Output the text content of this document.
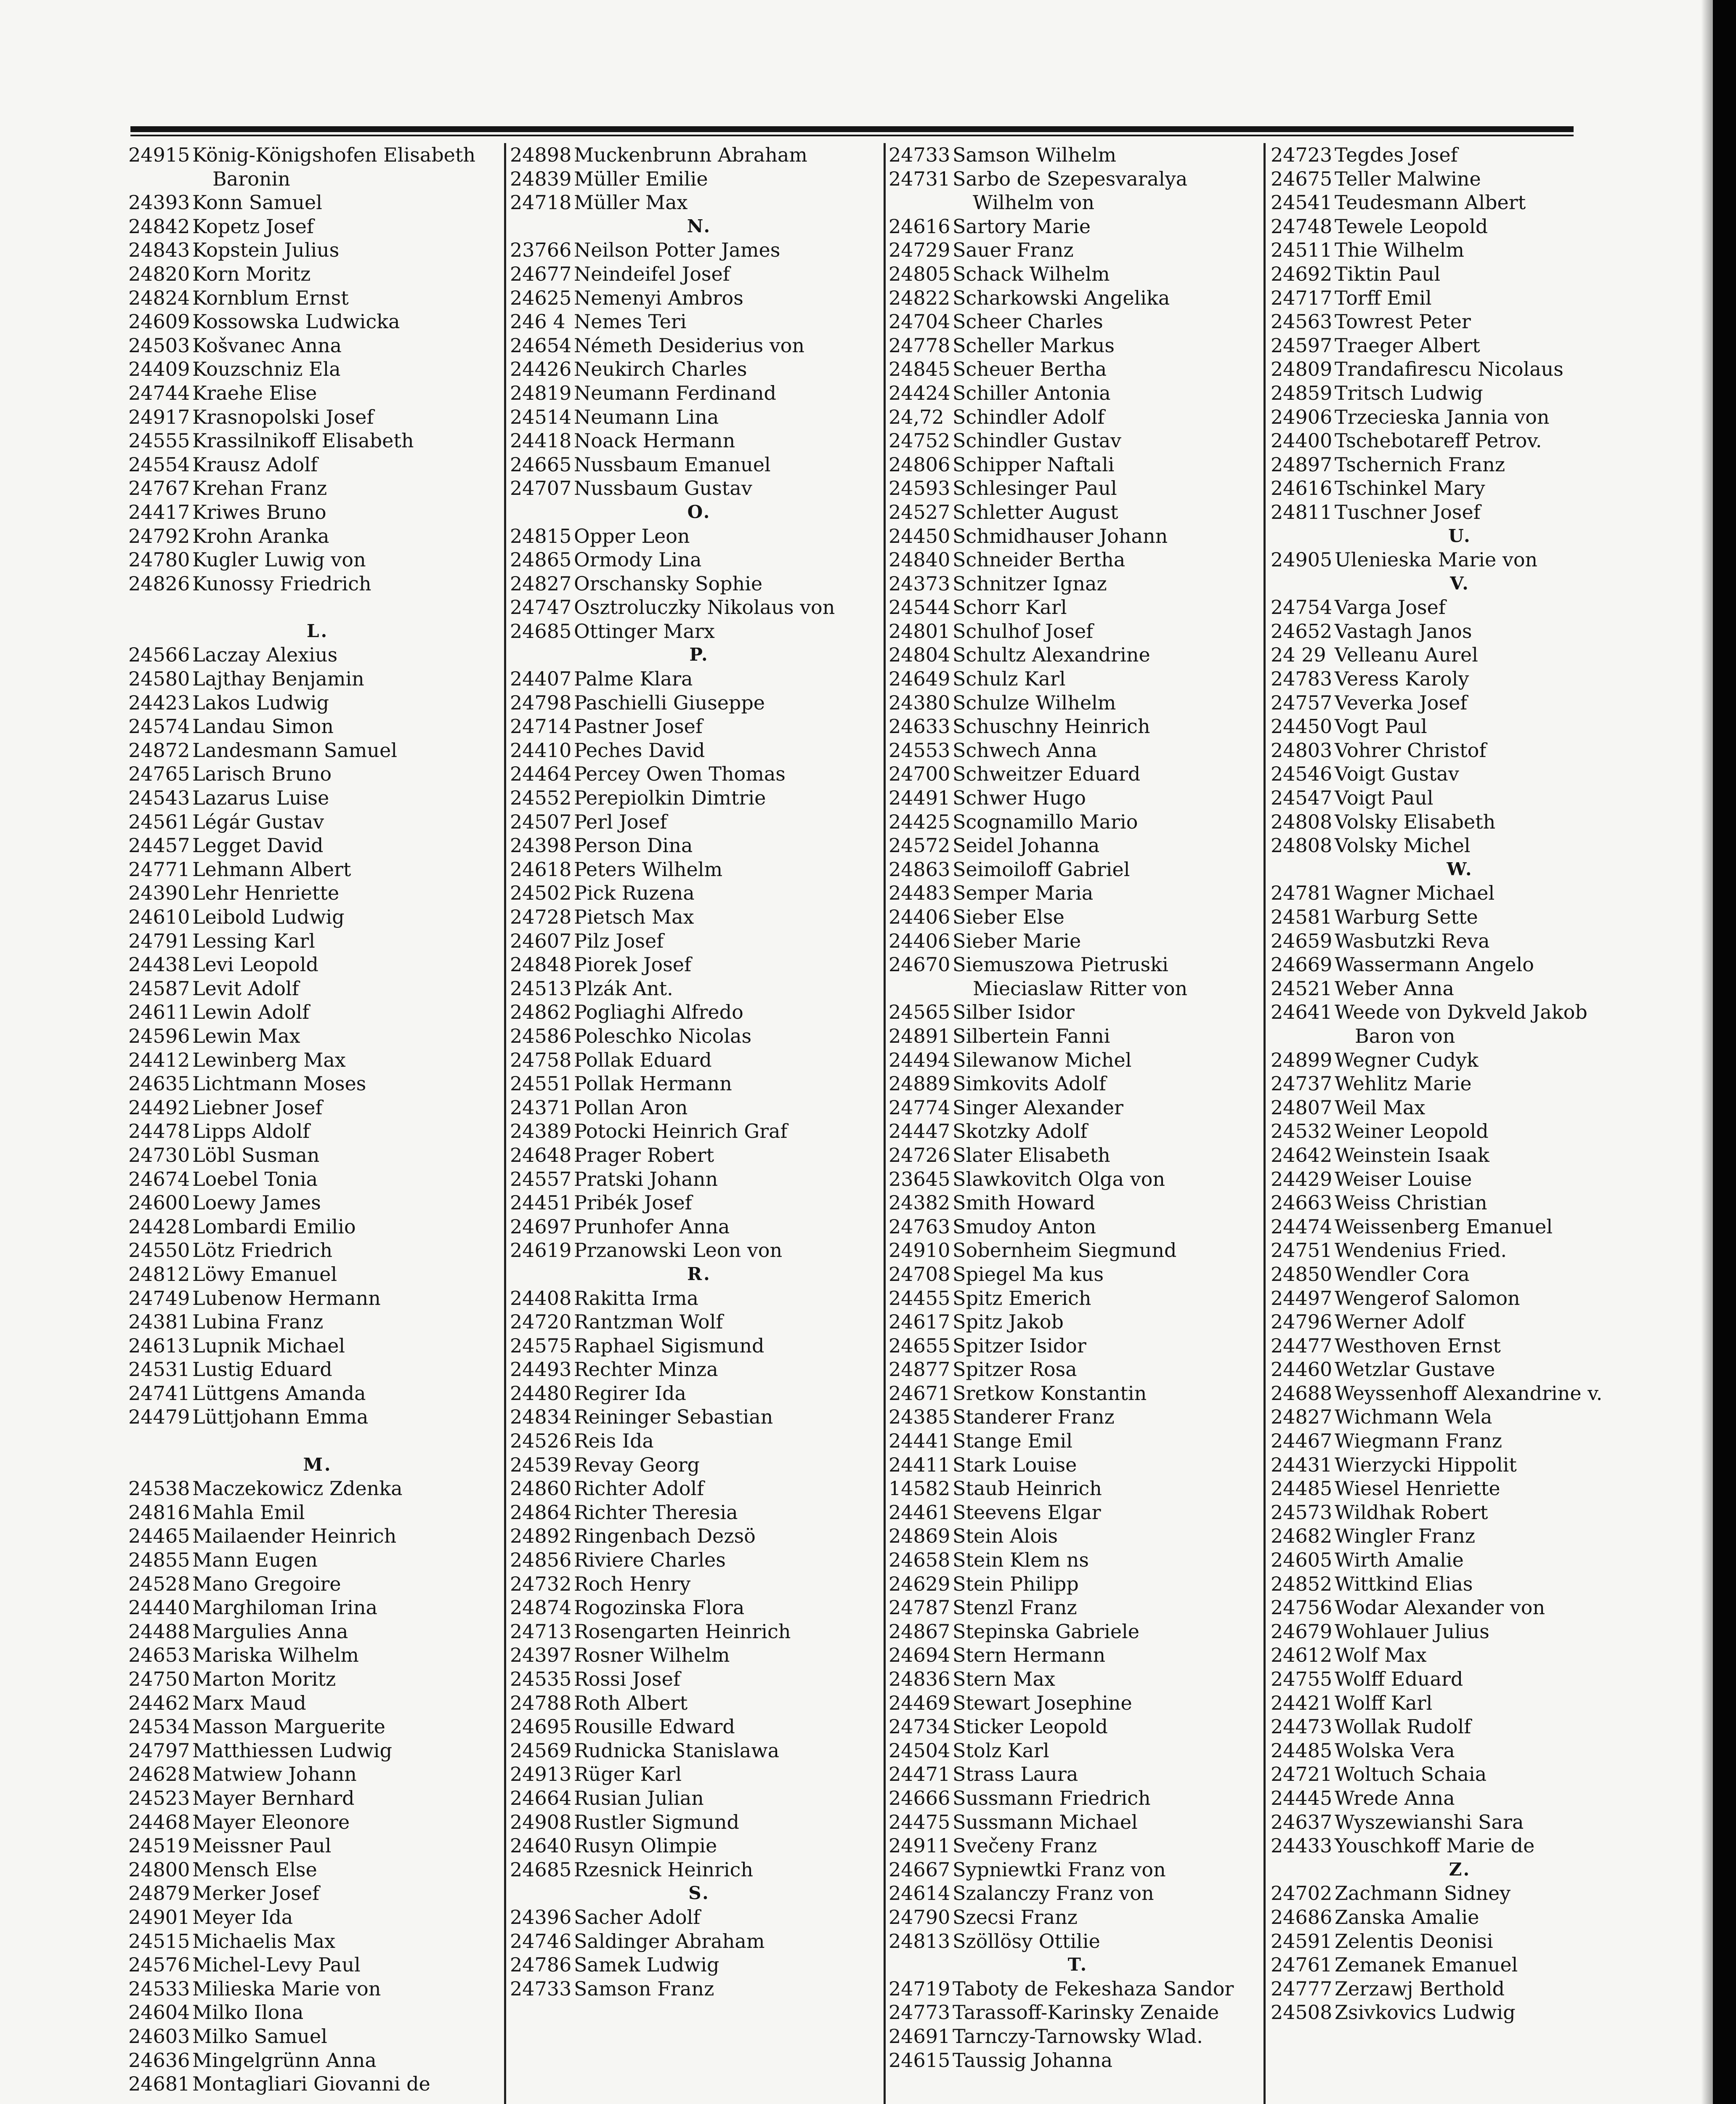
24915 König-Königshofen Elisabeth
Baronin
24393 Konn Samuel
24842 Kopetz Josef
24843 Kopstein Julius
24820 Korn Moritz
24824 Kornblum Ernst
24609 Kossowska Ludwicka
24503 Košvanec Anna
24409 Kouzschniz Ela
24744 Kraehe Elise
24917 Krasnopolski Josef
24555 Krassilnikoff Elisabeth
24554 Krausz Adolf
24767 Krehan Franz
24417 Kriwes Bruno
24792 Krohn Aranka
24780 Kugler Luwig von
24826 Kunossy Friedrich
L.
24566 Laczay Alexius
24580 Lajthay Benjamin
24423 Lakos Ludwig
24574 Landau Simon
24872 Landesmann Samuel
24765 Larisch Bruno
24543 Lazarus Luise
24561 Légár Gustav
24457 Legget David
24771 Lehmann Albert
24390 Lehr Henriette
24610 Leibold Ludwig
24791 Lessing Karl
24438 Levi Leopold
24587 Levit Adolf
24611 Lewin Adolf
24596 Lewin Max
24412 Lewinberg Max
24635 Lichtmann Moses
24492 Liebner Josef
24478 Lipps Aldolf
24730 Löbl Susman
24674 Loebel Tonia
24600 Loewy James
24428 Lombardi Emilio
24550 Lötz Friedrich
24812 Löwy Emanuel
24749 Lubenow Hermann
24381 Lubina Franz
24613 Lupnik Michael
24531 Lustig Eduard
24741 Lüttgens Amanda
24479 Lüttjohann Emma
M.
24538 Maczekowicz Zdenka
24816 Mahla Emil
24465 Mailaender Heinrich
24855 Mann Eugen
24528 Mano Gregoire
24440 Marghiloman Irina
24488 Margulies Anna
24653 Mariska Wilhelm
24750 Marton Moritz
24462 Marx Maud
24534 Masson Marguerite
24797 Matthiessen Ludwig
24628 Matwiew Johann
24523 Mayer Bernhard
24468 Mayer Eleonore
24519 Meissner Paul
24800 Mensch Else
24879 Merker Josef
24901 Meyer Ida
24515 Michaelis Max
24576 Michel-Levy Paul
24533 Milieska Marie von
24604 Milko Ilona
24603 Milko Samuel
24636 Mingelgrünn Anna
24681 Montagliari Giovanni de
24898 Muckenbrunn Abraham
24839 Müller Emilie
24718 Müller Max
N.
23766 Neilson Potter James
24677 Neindeifel Josef
24625 Nemenyi Ambros
246 4 Nemes Teri
24654 Németh Desiderius von
24426 Neukirch Charles
24819 Neumann Ferdinand
24514 Neumann Lina
24418 Noack Hermann
24665 Nussbaum Emanuel
24707 Nussbaum Gustav
O.
24815 Opper Leon
24865 Ormody Lina
24827 Orschansky Sophie
24747 Osztroluczky Nikolaus von
24685 Ottinger Marx
P.
24407 Palme Klara
24798 Paschielli Giuseppe
24714 Pastner Josef
24410 Peches David
24464 Percey Owen Thomas
24552 Perepiolkin Dimtrie
24507 Perl Josef
24398 Person Dina
24618 Peters Wilhelm
24502 Pick Ruzena
24728 Pietsch Max
24607 Pilz Josef
24848 Piorek Josef
24513 Plzák Ant.
24862 Pogliaghi Alfredo
24586 Poleschko Nicolas
24758 Pollak Eduard
24551 Pollak Hermann
24371 Pollan Aron
24389 Potocki Heinrich Graf
24648 Prager Robert
24557 Pratski Johann
24451 Pribék Josef
24697 Prunhofer Anna
24619 Przanowski Leon von
R.
24408 Rakitta Irma
24720 Rantzman Wolf
24575 Raphael Sigismund
24493 Rechter Minza
24480 Regirer Ida
24834 Reininger Sebastian
24526 Reis Ida
24539 Revay Georg
24860 Richter Adolf
24864 Richter Theresia
24892 Ringenbach Dezsö
24856 Riviere Charles
24732 Roch Henry
24874 Rogozinska Flora
24713 Rosengarten Heinrich
24397 Rosner Wilhelm
24535 Rossi Josef
24788 Roth Albert
24695 Rousille Edward
24569 Rudnicka Stanislawa
24913 Rüger Karl
24664 Rusian Julian
24908 Rustler Sigmund
24640 Rusyn Olimpie
24685 Rzesnick Heinrich
S.
24396 Sacher Adolf
24746 Saldinger Abraham
24786 Samek Ludwig
24733 Samson Franz
24733 Samson Wilhelm
24731 Sarbo de Szepesvaralya
Wilhelm von
24616 Sartory Marie
24729 Sauer Franz
24805 Schack Wilhelm
24822 Scharkowski Angelika
24704 Scheer Charles
24778 Scheller Markus
24845 Scheuer Bertha
24424 Schiller Antonia
24,72 Schindler Adolf
24752 Schindler Gustav
24806 Schipper Naftali
24593 Schlesinger Paul
24527 Schletter August
24450 Schmidhauser Johann
24840 Schneider Bertha
24373 Schnitzer Ignaz
24544 Schorr Karl
24801 Schulhof Josef
24804 Schultz Alexandrine
24649 Schulz Karl
24380 Schulze Wilhelm
24633 Schuschny Heinrich
24553 Schwech Anna
24700 Schweitzer Eduard
24491 Schwer Hugo
24425 Scognamillo Mario
24572 Seidel Johanna
24863 Seimoiloff Gabriel
24483 Semper Maria
24406 Sieber Else
24406 Sieber Marie
24670 Siemuszowa Pietruski
Mieciaslaw Ritter von
24565 Silber Isidor
24891 Silbertein Fanni
24494 Silewanow Michel
24889 Simkovits Adolf
24774 Singer Alexander
24447 Skotzky Adolf
24726 Slater Elisabeth
23645 Slawkovitch Olga von
24382 Smith Howard
24763 Smudoy Anton
24910 Sobernheim Siegmund
24708 Spiegel Ma kus
24455 Spitz Emerich
24617 Spitz Jakob
24655 Spitzer Isidor
24877 Spitzer Rosa
24671 Sretkow Konstantin
24385 Standerer Franz
24441 Stange Emil
24411 Stark Louise
14582 Staub Heinrich
24461 Steevens Elgar
24869 Stein Alois
24658 Stein Klem ns
24629 Stein Philipp
24787 Stenzl Franz
24867 Stepinska Gabriele
24694 Stern Hermann
24836 Stern Max
24469 Stewart Josephine
24734 Sticker Leopold
24504 Stolz Karl
24471 Strass Laura
24666 Sussmann Friedrich
24475 Sussmann Michael
24911 Svečeny Franz
24667 Sypniewtki Franz von
24614 Szalanczy Franz von
24790 Szecsi Franz
24813 Szöllösy Ottilie
T.
24719 Taboty de Fekeshaza Sandor
24773 Tarassoff-Karinsky Zenaide
24691 Tarnczy-Tarnowsky Wlad.
24615 Taussig Johanna
24723 Tegdes Josef
24675 Teller Malwine
24541 Teudesmann Albert
24748 Tewele Leopold
24511 Thie Wilhelm
24692 Tiktin Paul
24717 Torff Emil
24563 Towrest Peter
24597 Traeger Albert
24809 Trandafirescu Nicolaus
24859 Tritsch Ludwig
24906 Trzecieska Jannia von
24400 Tschebotareff Petrov.
24897 Tschernich Franz
24616 Tschinkel Mary
24811 Tuschner Josef
U.
24905 Ulenieska Marie von
V.
24754 Varga Josef
24652 Vastagh Janos
24 29 Velleanu Aurel
24783 Veress Karoly
24757 Veverka Josef
24450 Vogt Paul
24803 Vohrer Christof
24546 Voigt Gustav
24547 Voigt Paul
24808 Volsky Elisabeth
24808 Volsky Michel
W.
24781 Wagner Michael
24581 Warburg Sette
24659 Wasbutzki Reva
24669 Wassermann Angelo
24521 Weber Anna
24641 Weede von Dykveld Jakob
Baron von
24899 Wegner Cudyk
24737 Wehlitz Marie
24807 Weil Max
24532 Weiner Leopold
24642 Weinstein Isaak
24429 Weiser Louise
24663 Weiss Christian
24474 Weissenberg Emanuel
24751 Wendenius Fried.
24850 Wendler Cora
24497 Wengerof Salomon
24796 Werner Adolf
24477 Westhoven Ernst
24460 Wetzlar Gustave
24688 Weyssenhoff Alexandrine v.
24827 Wichmann Wela
24467 Wiegmann Franz
24431 Wierzycki Hippolit
24485 Wiesel Henriette
24573 Wildhak Robert
24682 Wingler Franz
24605 Wirth Amalie
24852 Wittkind Elias
24756 Wodar Alexander von
24679 Wohlauer Julius
24612 Wolf Max
24755 Wolff Eduard
24421 Wolff Karl
24473 Wollak Rudolf
24485 Wolska Vera
24721 Woltuch Schaia
24445 Wrede Anna
24637 Wyszewianshi Sara
24433 Youschkoff Marie de
Z.
24702 Zachmann Sidney
24686 Zanska Amalie
24591 Zelentis Deonisi
24761 Zemanek Emanuel
24777 Zerzawj Berthold
24508 Zsivkovics Ludwig
